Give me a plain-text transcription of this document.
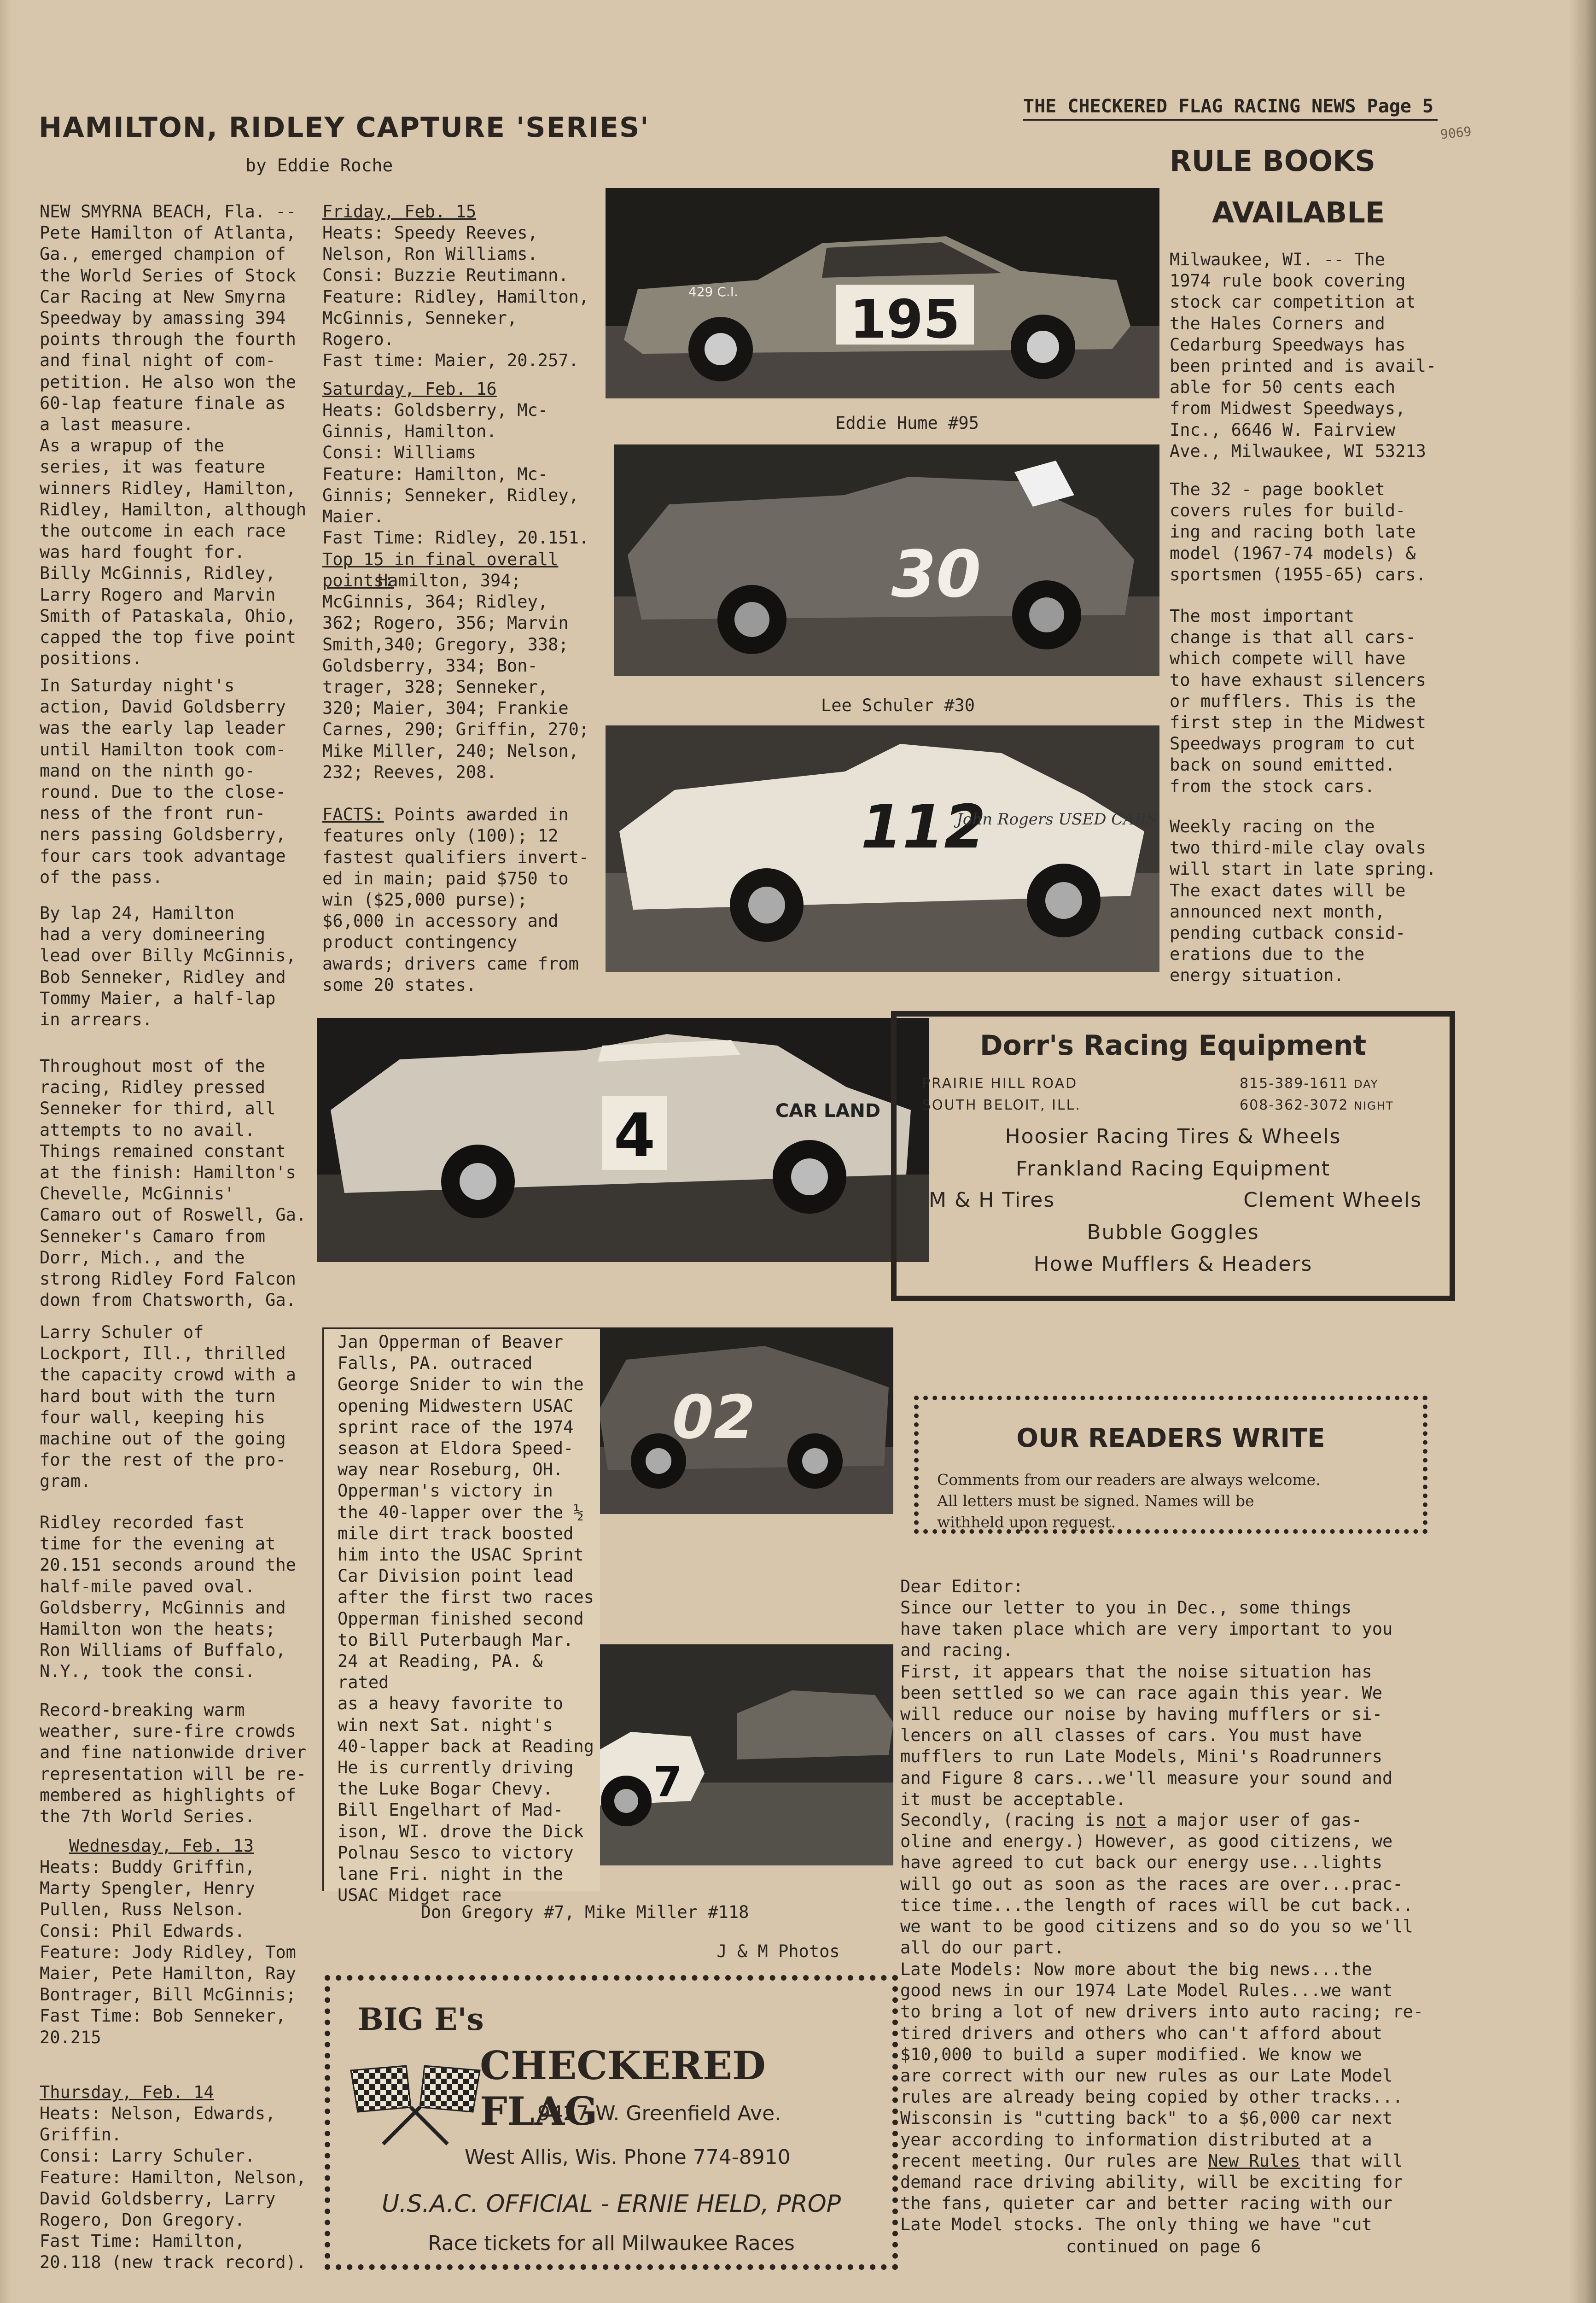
THE CHECKERED FLAG RACING NEWS Page 5
9069
HAMILTON, RIDLEY CAPTURE 'SERIES'
by Eddie Roche
NEW SMYRNA BEACH, Fla. --
Pete Hamilton of Atlanta,
Ga., emerged champion of
the World Series of Stock
Car Racing at New Smyrna
Speedway by amassing 394
points through the fourth
and final night of com-
petition. He also won the
60-lap feature finale as
a last measure.
As a wrapup of the
series, it was feature
winners Ridley, Hamilton,
Ridley, Hamilton, although
the outcome in each race
was hard fought for.
Billy McGinnis, Ridley,
Larry Rogero and Marvin
Smith of Pataskala, Ohio,
capped the top five point
positions.
In Saturday night's
action, David Goldsberry
was the early lap leader
until Hamilton took com-
mand on the ninth go-
round. Due to the close-
ness of the front run-
ners passing Goldsberry,
four cars took advantage
of the pass.
By lap 24, Hamilton
had a very domineering
lead over Billy McGinnis,
Bob Senneker, Ridley and
Tommy Maier, a half-lap
in arrears.
Throughout most of the
racing, Ridley pressed
Senneker for third, all
attempts to no avail.
Things remained constant
at the finish: Hamilton's
Chevelle, McGinnis'
Camaro out of Roswell, Ga.
Senneker's Camaro from
Dorr, Mich., and the
strong Ridley Ford Falcon
down from Chatsworth, Ga.
Larry Schuler of
Lockport, Ill., thrilled
the capacity crowd with a
hard bout with the turn
four wall, keeping his
machine out of the going
for the rest of the pro-
gram.
Ridley recorded fast
time for the evening at
20.151 seconds around the
half-mile paved oval.
Goldsberry, McGinnis and
Hamilton won the heats;
Ron Williams of Buffalo,
N.Y., took the consi.
Record-breaking warm
weather, sure-fire crowds
and fine nationwide driver
representation will be re-
membered as highlights of
the 7th World Series.
Wednesday, Feb. 13
Heats: Buddy Griffin,
Marty Spengler, Henry
Pullen, Russ Nelson.
Consi: Phil Edwards.
Feature: Jody Ridley, Tom
Maier, Pete Hamilton, Ray
Bontrager, Bill McGinnis;
Fast Time: Bob Senneker,
20.215
Thursday, Feb. 14
Heats: Nelson, Edwards,
Griffin.
Consi: Larry Schuler.
Feature: Hamilton, Nelson,
David Goldsberry, Larry
Rogero, Don Gregory.
Fast Time: Hamilton,
20.118 (new track record).
Friday, Feb. 15
Heats: Speedy Reeves,
Nelson, Ron Williams.
Consi: Buzzie Reutimann.
Feature: Ridley, Hamilton,
McGinnis, Senneker,
Rogero.
Fast time: Maier, 20.257.
Saturday, Feb. 16
Heats: Goldsberry, Mc-
Ginnis, Hamilton.
Consi: Williams
Feature: Hamilton, Mc-
Ginnis; Senneker, Ridley,
Maier.
Fast Time: Ridley, 20.151.
Top 15 in final overall
points:
Hamilton, 394;
McGinnis, 364; Ridley,
362; Rogero, 356; Marvin
Smith,340; Gregory, 338;
Goldsberry, 334; Bon-
trager, 328; Senneker,
320; Maier, 304; Frankie
Carnes, 290; Griffin, 270;
Mike Miller, 240; Nelson,
232; Reeves, 208.

FACTS: Points awarded in
features only (100); 12
fastest qualifiers invert-
ed in main; paid $750 to
win ($25,000 purse);
$6,000 in accessory and
product contingency
awards; drivers came from
some 20 states.

195
429 C.I.
Eddie Hume #95
30
Lee Schuler #30
112
John Rogers USED CARS
RULE BOOKS
AVAILABLE
Milwaukee, WI. -- The
1974 rule book covering
stock car competition at
the Hales Corners and
Cedarburg Speedways has
been printed and is avail-
able for 50 cents each
from Midwest Speedways,
Inc., 6646 W. Fairview
Ave., Milwaukee, WI 53213
The 32 - page booklet
covers rules for build-
ing and racing both late
model (1967-74 models) &
sportsmen (1955-65) cars.
The most important
change is that all cars-
which compete will have
to have exhaust silencers
or mufflers. This is the
first step in the Midwest
Speedways program to cut
back on sound emitted.
from the stock cars.
Weekly racing on the
two third-mile clay ovals
will start in late spring.
The exact dates will be
announced next month,
pending cutback consid-
erations due to the
energy situation.
4	CAR LAND
Dorr's Racing Equipment
PRAIRIE HILL ROAD
SOUTH BELOIT, ILL.
815-389-1611 DAY
608-362-3072 NIGHT
Hoosier Racing Tires & Wheels
Frankland Racing Equipment
M & H Tires	Clement Wheels
Bubble Goggles
Howe Mufflers & Headers
02
7
Jan Opperman of Beaver
Falls, PA. outraced
George Snider to win the
opening Midwestern USAC
sprint race of the 1974
season at Eldora Speed-
way near Roseburg, OH.
Opperman's victory in
the 40-lapper over the ½
mile dirt track boosted
him into the USAC Sprint
Car Division point lead
after the first two races
Opperman finished second
to Bill Puterbaugh Mar.
24 at Reading, PA. & rated
as a heavy favorite to
win next Sat. night's
40-lapper back at Reading
He is currently driving
the Luke Bogar Chevy.
Bill Engelhart of Mad-
ison, WI. drove the Dick
Polnau Sesco to victory
lane Fri. night in the
USAC Midget race
Don Gregory #7, Mike Miller #118
J & M Photos
OUR READERS WRITE
Comments from our readers are always welcome.
All letters must be signed. Names will be
withheld upon request.
Dear Editor:
Since our letter to you in Dec., some things
have taken place which are very important to you
and racing.
First, it appears that the noise situation has
been settled so we can race again this year. We
will reduce our noise by having mufflers or si-
lencers on all classes of cars. You must have
mufflers to run Late Models, Mini's Roadrunners
and Figure 8 cars...we'll measure your sound and
it must be acceptable.
Secondly, (racing is not a major user of gas-
oline and energy.) However, as good citizens, we
have agreed to cut back our energy use...lights
will go out as soon as the races are over...prac-
tice time...the length of races will be cut back..
we want to be good citizens and so do you so we'll
all do our part.
Late Models: Now more about the big news...the
good news in our 1974 Late Model Rules...we want
to bring a lot of new drivers into auto racing; re-
tired drivers and others who can't afford about
$10,000 to build a super modified. We know we
are correct with our new rules as our Late Model
rules are already being copied by other tracks...
Wisconsin is "cutting back" to a $6,000 car next
year according to information distributed at a
recent meeting. Our rules are New Rules that will
demand race driving ability, will be exciting for
the fans, quieter car and better racing with our
Late Model stocks. The only thing we have "cut
continued on page 6
BIG E's
CHECKERED FLAG
9427 W. Greenfield Ave.
West Allis, Wis. Phone 774-8910
U.S.A.C. OFFICIAL - ERNIE HELD, PROP
Race tickets for all Milwaukee Races
